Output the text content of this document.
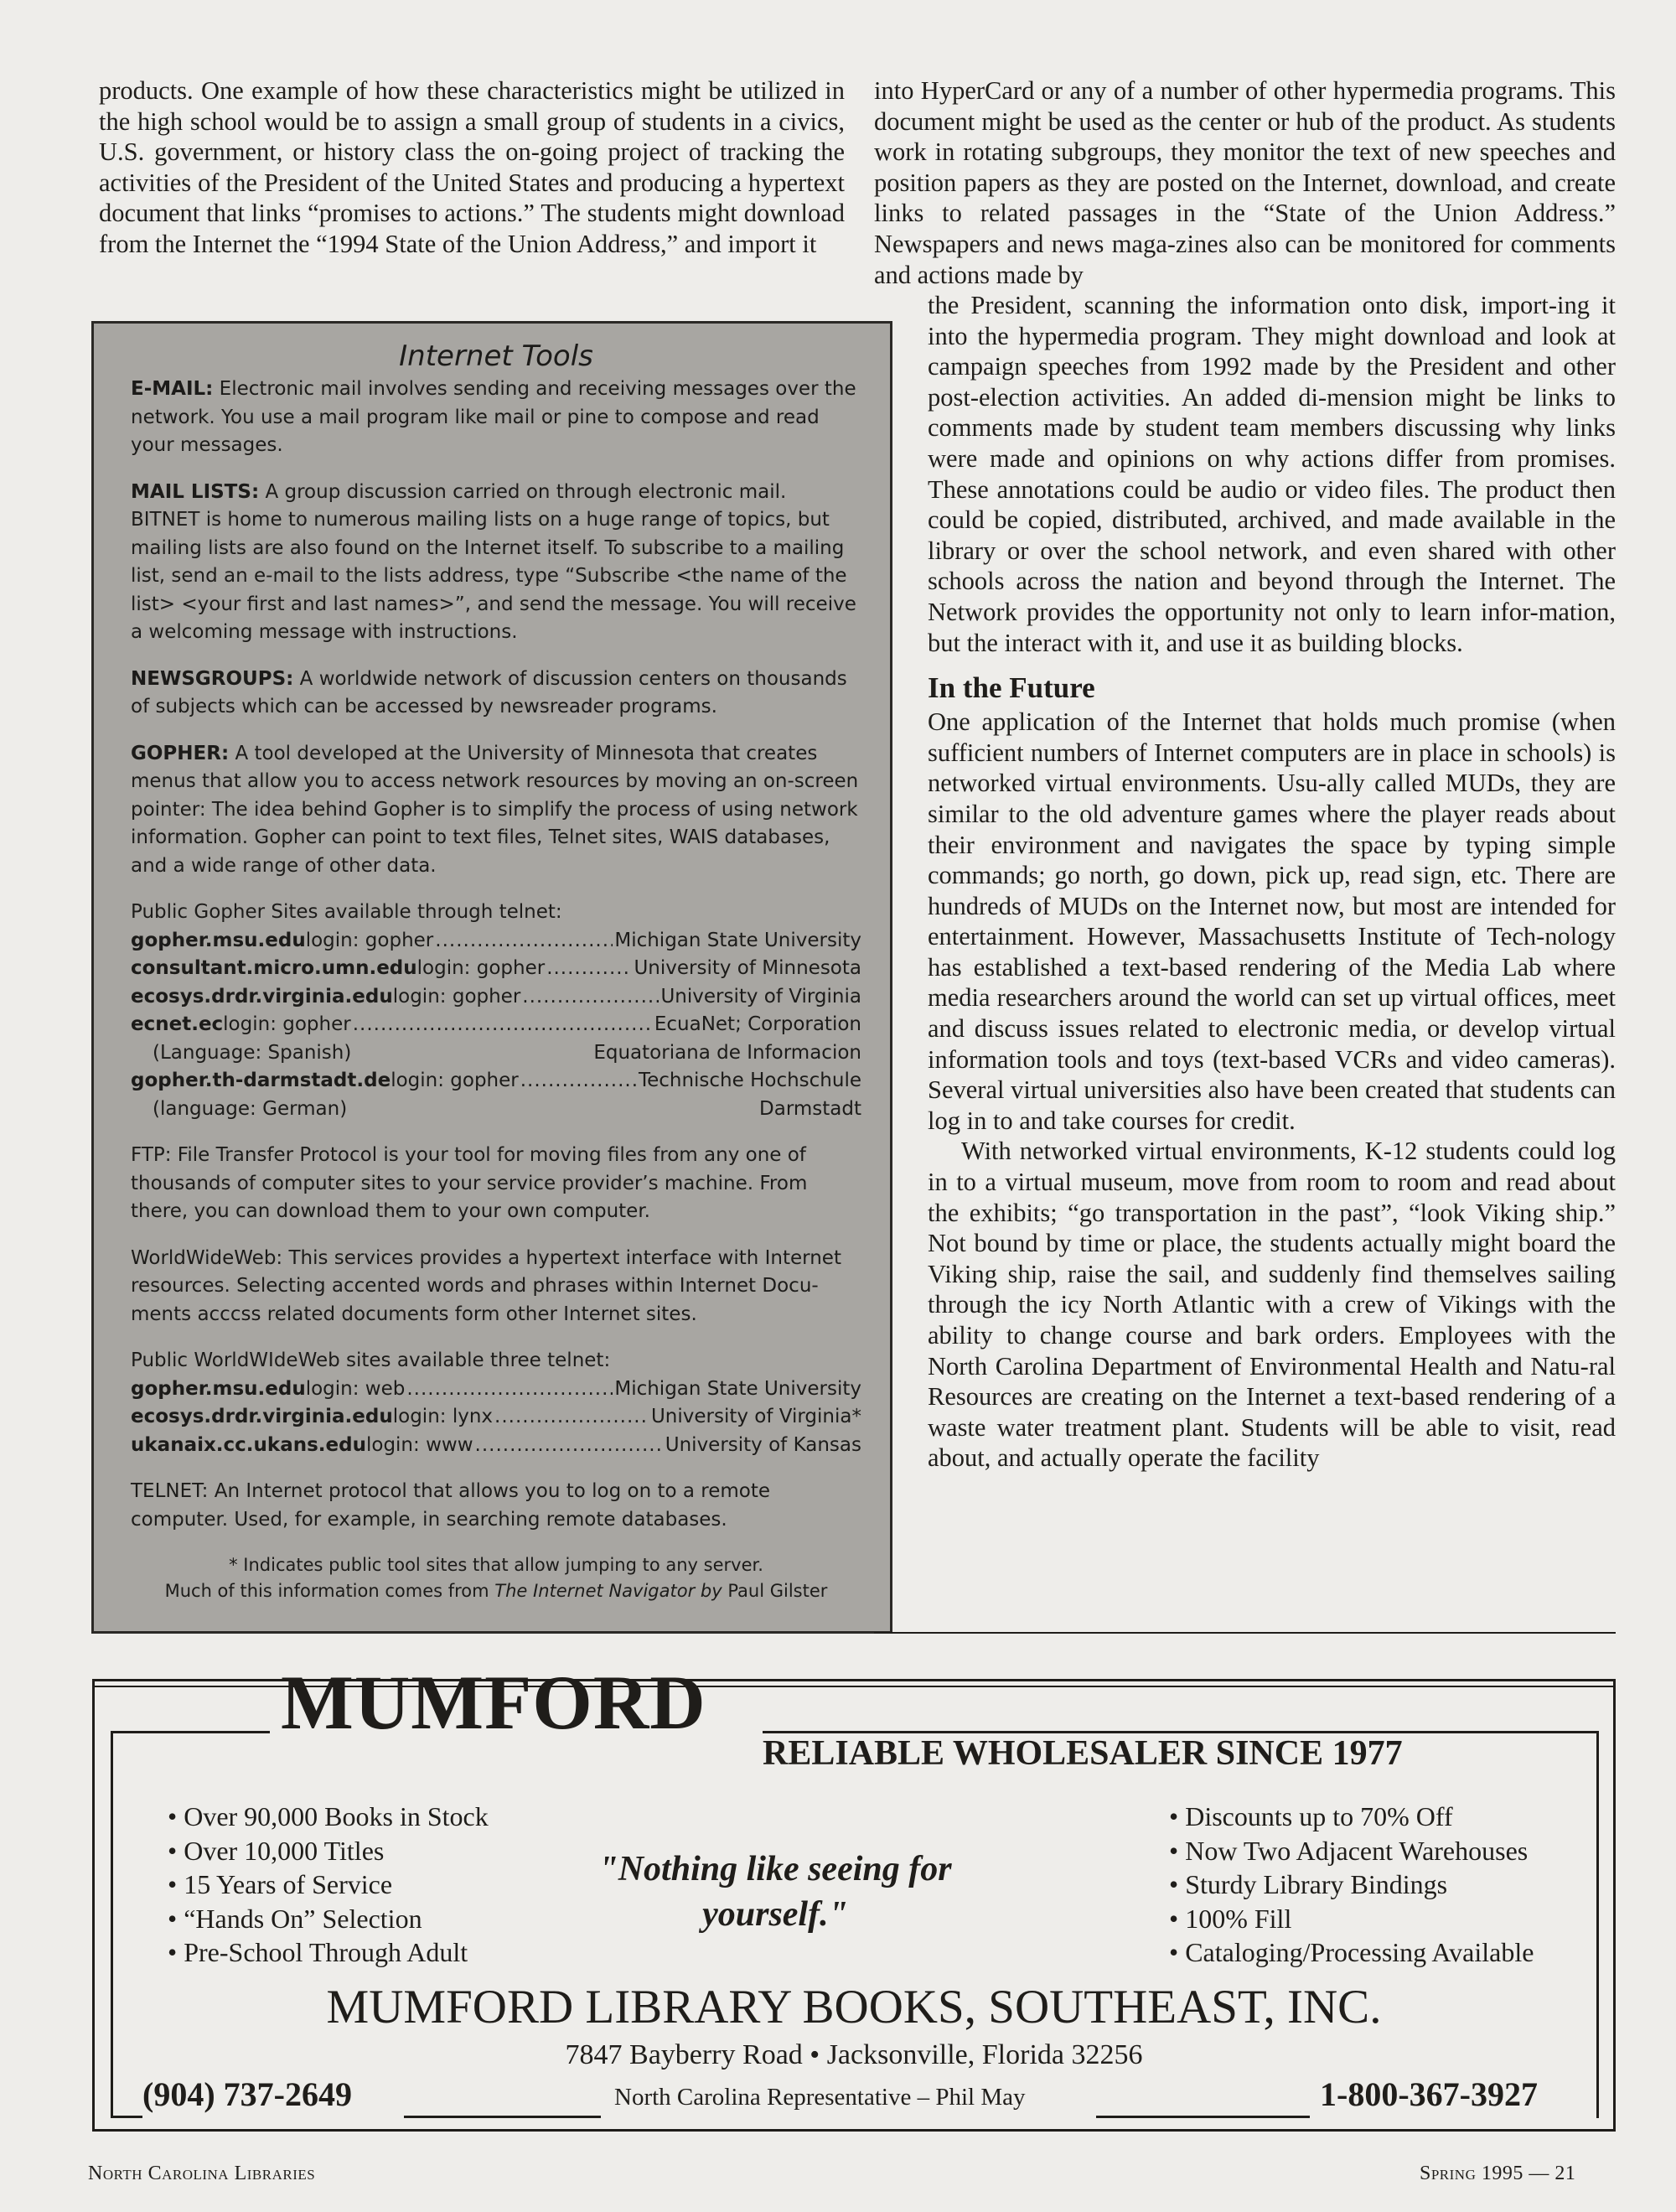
products. One example of how these characteristics might be utilized in the high school would be to assign a small group of students in a civics, U.S. government, or history class the on-going project of tracking the activities of the President of the United States and producing a hypertext document that links “promises to actions.” The students might download from the Internet the “1994 State of the Union Address,” and import it

into HyperCard or any of a number of other hypermedia programs. This document might be used as the center or hub of the product. As students work in rotating subgroups, they monitor the text of new speeches and position papers as they are posted on the Internet, download, and create links to related passages in the “State of the Union Address.” Newspapers and news maga-zines also can be monitored for comments and actions made by

the President, scanning the information onto disk, import-ing it into the hypermedia program. They might download and look at campaign speeches from 1992 made by the President and other post-election activities. An added di-mension might be links to comments made by student team members discussing why links were made and opinions on why actions differ from promises. These annotations could be audio or video files. The product then could be copied, distributed, archived, and made available in the library or over the school network, and even shared with other schools across the nation and beyond through the Internet. The Network provides the opportunity not only to learn infor-mation, but the interact with it, and use it as building blocks.

In the Future

One application of the Internet that holds much promise (when sufficient numbers of Internet computers are in place in schools) is networked virtual environments. Usu-ally called MUDs, they are similar to the old adventure games where the player reads about their environment and navigates the space by typing simple commands; go north, go down, pick up, read sign, etc. There are hundreds of MUDs on the Internet now, but most are intended for entertainment. However, Massachusetts Institute of Tech-nology has established a text-based rendering of the Media Lab where media researchers around the world can set up virtual offices, meet and discuss issues related to electronic media, or develop virtual information tools and toys (text-based VCRs and video cameras). Several virtual universities also have been created that students can log in to and take courses for credit.

With networked virtual environments, K-12 students could log in to a virtual museum, move from room to room and read about the exhibits; “go transportation in the past”, “look Viking ship.” Not bound by time or place, the students actually might board the Viking ship, raise the sail, and suddenly find themselves sailing through the icy North Atlantic with a crew of Vikings with the ability to change course and bark orders. Employees with the North Carolina Department of Environmental Health and Natu-ral Resources are creating on the Internet a text-based rendering of a waste water treatment plant. Students will be able to visit, read about, and actually operate the facility

Internet Tools
E-MAIL: Electronic mail involves sending and receiving messages over the network. You use a mail program like mail or pine to compose and read your messages.
MAIL LISTS: A group discussion carried on through electronic mail. BITNET is home to numerous mailing lists on a huge range of topics, but mailing lists are also found on the Internet itself. To subscribe to a mailing list, send an e-mail to the lists address, type “Subscribe <the name of the list> <your first and last names>”, and send the message. You will receive a welcoming message with instructions.
NEWSGROUPS: A worldwide network of discussion centers on thousands of subjects which can be accessed by newsreader programs.
GOPHER: A tool developed at the University of Minnesota that creates menus that allow you to access network resources by moving an on-screen pointer: The idea behind Gopher is to simplify the process of using network information. Gopher can point to text files, Telnet sites, WAIS databases, and a wide range of other data.
Public Gopher Sites available through telnet:
gopher.msu.edu login: gopher .....	Michigan State University
consultant.micro.umn.edu login: gopher .....	University of Minnesota
ecosys.drdr.virginia.edu login: gopher .....	University of Virginia
ecnet.ec login: gopher .....	EcuaNet; Corporation
(Language: Spanish)	Equatoriana de Informacion
gopher.th-darmstadt.de login: gopher .....	Technische Hochschule
(language: German)	Darmstadt
FTP: File Transfer Protocol is your tool for moving files from any one of thousands of computer sites to your service provider’s machine. From there, you can download them to your own computer.
WorldWideWeb: This services provides a hypertext interface with Internet resources. Selecting accented words and phrases within Internet Docu-ments acccss related documents form other Internet sites.
Public WorldWIdeWeb sites available three telnet:
gopher.msu.edu login: web .....	Michigan State University
ecosys.drdr.virginia.edu login: lynx .....	University of Virginia*
ukanaix.cc.ukans.edu login: www .....	University of Kansas
TELNET: An Internet protocol that allows you to log on to a remote computer. Used, for example, in searching remote databases.
* Indicates public tool sites that allow jumping to any server.
Much of this information comes from The Internet Navigator by Paul Gilster
MUMFORD
RELIABLE WHOLESALER SINCE 1977
• Over 90,000 Books in Stock
• Over 10,000 Titles
• 15 Years of Service
• “Hands On” Selection
• Pre-School Through Adult
"Nothing like seeing for yourself."
• Discounts up to 70% Off
• Now Two Adjacent Warehouses
• Sturdy Library Bindings
• 100% Fill
• Cataloging/Processing Available
MUMFORD LIBRARY BOOKS, SOUTHEAST, INC.
7847 Bayberry Road • Jacksonville, Florida 32256
(904) 737-2649	North Carolina Representative – Phil May	1-800-367-3927
North Carolina Libraries	Spring 1995 — 21
